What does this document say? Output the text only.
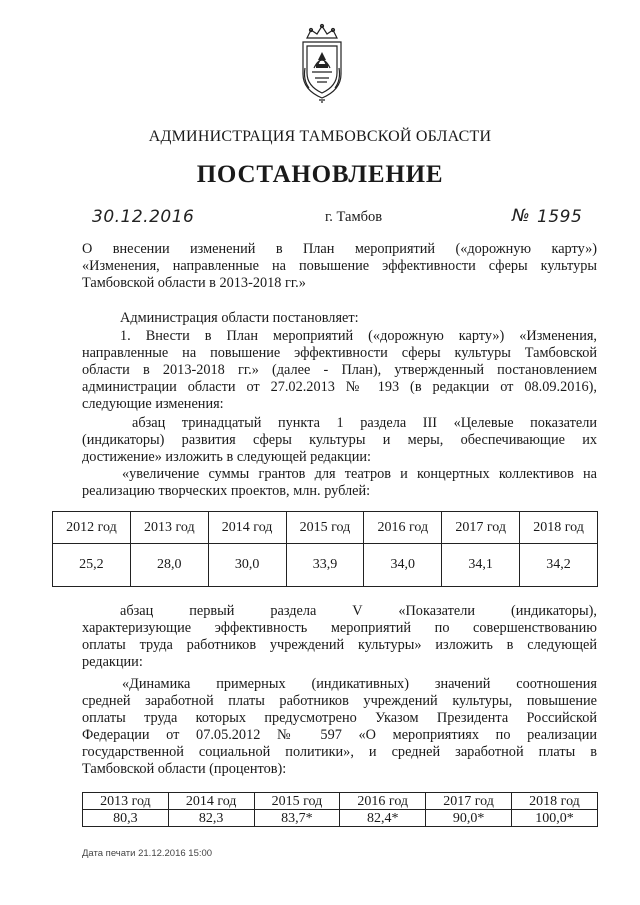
АДМИНИСТРАЦИЯ ТАМБОВСКОЙ ОБЛАСТИ
ПОСТАНОВЛЕНИЕ
30.12.2016	г. Тамбов	№ 1595
О внесении изменений в План мероприятий («дорожную карту»)
«Изменения, направленные на повышение эффективности сферы культуры
Тамбовской области в 2013-2018 гг.»
Администрация области постановляет:
1. Внести в План мероприятий («дорожную карту») «Изменения,
направленные на повышение эффективности сферы культуры Тамбовской
области в 2013-2018 гг.» (далее - План), утвержденный постановлением
администрации области от 27.02.2013 № 193 (в редакции от 08.09.2016),
следующие изменения:
абзац тринадцатый пункта 1 раздела III «Целевые показатели
(индикаторы) развития сферы культуры и меры, обеспечивающие их
достижение» изложить в следующей редакции:
«увеличение суммы грантов для театров и концертных коллективов на
реализацию творческих проектов, млн. рублей:
2012 год	2013 год	2014 год	2015 год	2016 год	2017 год	2018 год
25,2	28,0	30,0	33,9	34,0	34,1	34,2
абзац первый раздела V «Показатели (индикаторы),
характеризующие эффективность мероприятий по совершенствованию
оплаты труда работников учреждений культуры» изложить в следующей
редакции:
«Динамика примерных (индикативных) значений соотношения
средней заработной платы работников учреждений культуры, повышение
оплаты труда которых предусмотрено Указом Президента Российской
Федерации от 07.05.2012 № 597 «О мероприятиях по реализации
государственной социальной политики», и средней заработной платы в
Тамбовской области (процентов):
2013 год	2014 год	2015 год	2016 год	2017 год	2018 год
80,3	82,3	83,7*	82,4*	90,0*	100,0*
Дата печати 21.12.2016 15:00
